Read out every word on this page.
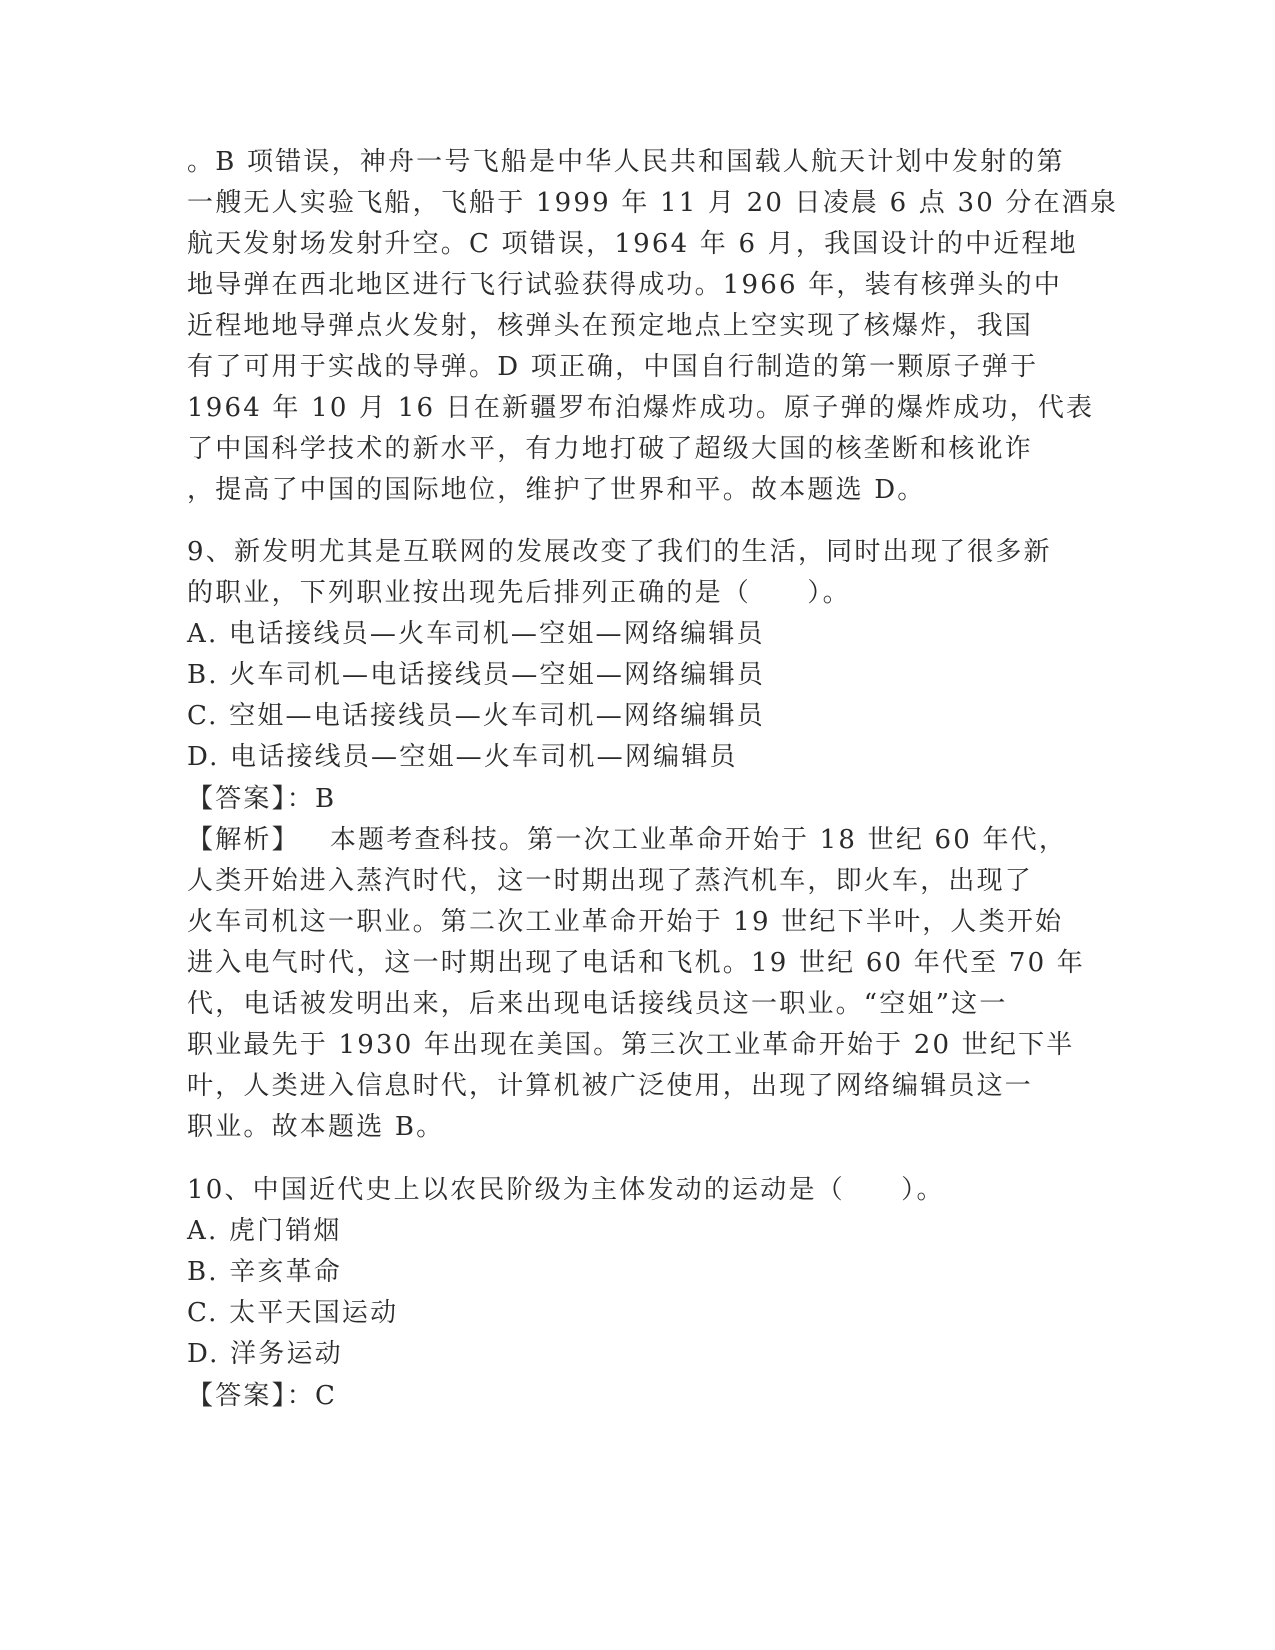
。B 项错误，神舟一号飞船是中华人民共和国载人航天计划中发射的第
一艘无人实验飞船，飞船于 1999 年 11 月 20 日凌晨 6 点 30 分在酒泉
航天发射场发射升空。C 项错误，1964 年 6 月，我国设计的中近程地
地导弹在西北地区进行飞行试验获得成功。1966 年，装有核弹头的中
近程地地导弹点火发射，核弹头在预定地点上空实现了核爆炸，我国
有了可用于实战的导弹。D 项正确，中国自行制造的第一颗原子弹于
1964 年 10 月 16 日在新疆罗布泊爆炸成功。原子弹的爆炸成功，代表
了中国科学技术的新水平，有力地打破了超级大国的核垄断和核讹诈
，提高了中国的国际地位，维护了世界和平。故本题选 D。
9、新发明尤其是互联网的发展改变了我们的生活，同时出现了很多新
的职业，下列职业按出现先后排列正确的是（　　）。
A. 电话接线员—火车司机—空姐—网络编辑员
B. 火车司机—电话接线员—空姐—网络编辑员
C. 空姐—电话接线员—火车司机—网络编辑员
D. 电话接线员—空姐—火车司机—网编辑员
【答案】：B
【解析】 本题考查科技。第一次工业革命开始于 18 世纪 60 年代，
人类开始进入蒸汽时代，这一时期出现了蒸汽机车，即火车，出现了
火车司机这一职业。第二次工业革命开始于 19 世纪下半叶，人类开始
进入电气时代，这一时期出现了电话和飞机。19 世纪 60 年代至 70 年
代，电话被发明出来，后来出现电话接线员这一职业。“空姐”这一
职业最先于 1930 年出现在美国。第三次工业革命开始于 20 世纪下半
叶，人类进入信息时代，计算机被广泛使用，出现了网络编辑员这一
职业。故本题选 B。
10、中国近代史上以农民阶级为主体发动的运动是（　　）。
A. 虎门销烟
B. 辛亥革命
C. 太平天国运动
D. 洋务运动
【答案】：C
